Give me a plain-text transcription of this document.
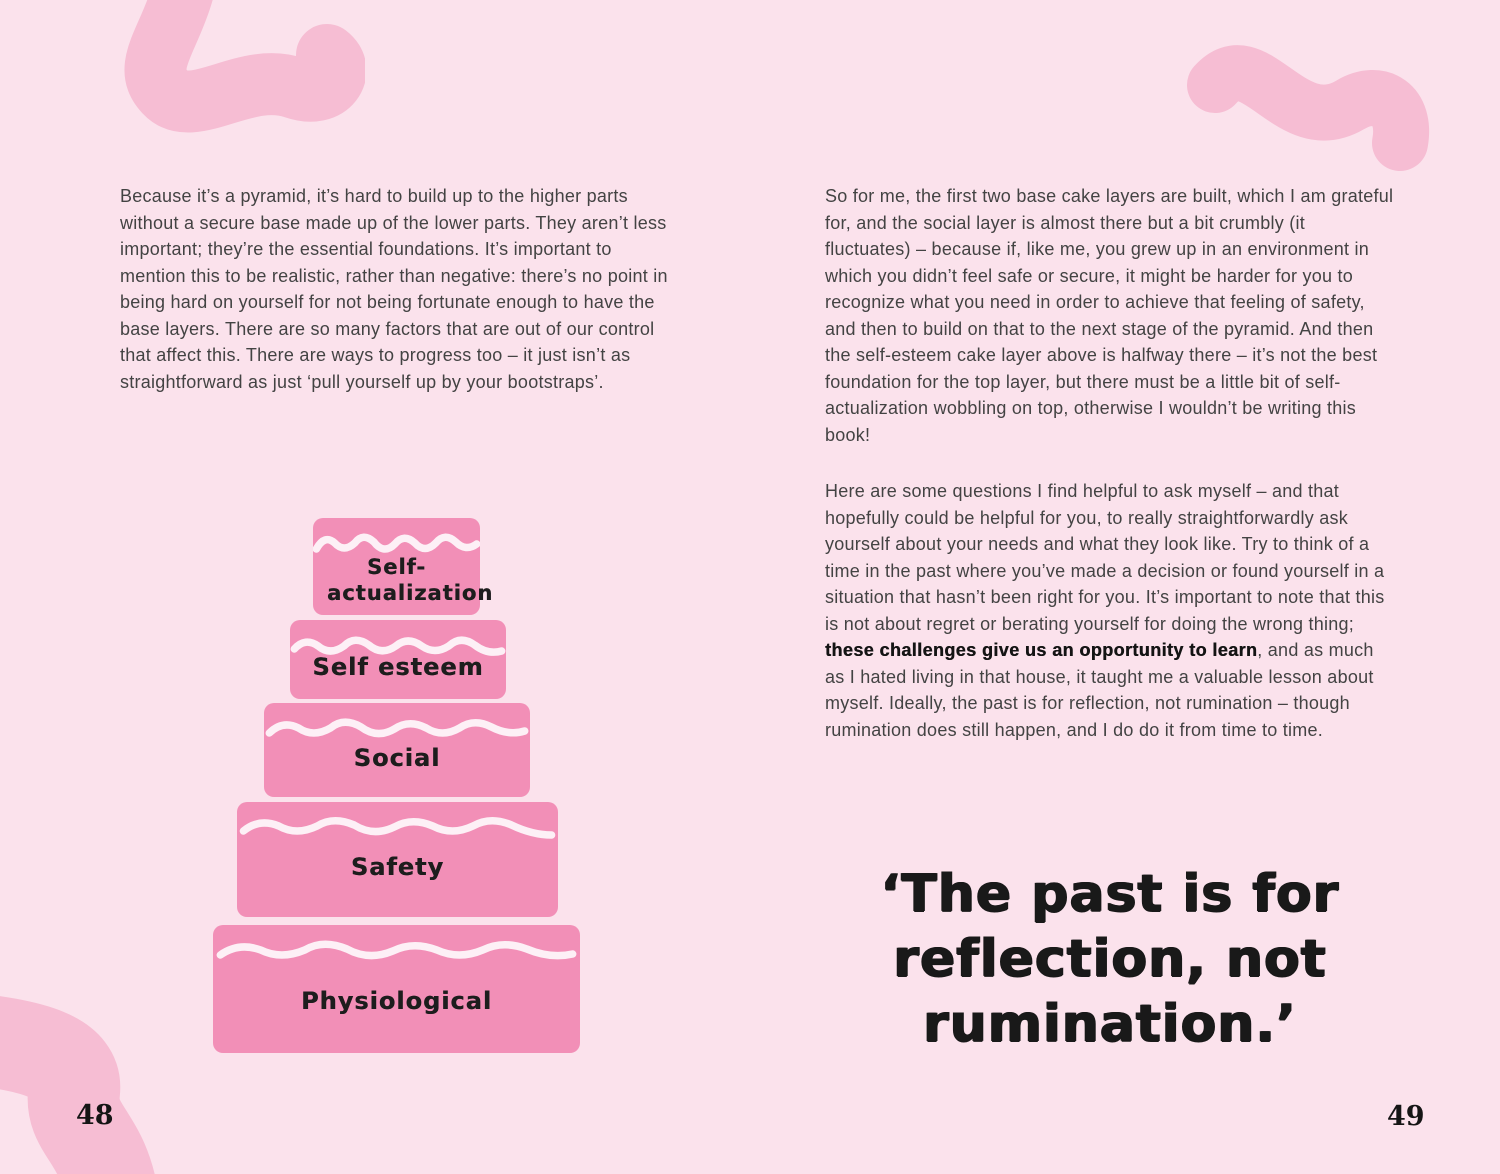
Because it’s a pyramid, it’s hard to build up to the higher parts without a secure base made up of the lower parts. They aren’t less important; they’re the essential foundations. It’s important to mention this to be realistic, rather than negative: there’s no point in being hard on yourself for not being fortunate enough to have the base layers. There are so many factors that are out of our control that affect this. There are ways to progress too – it just isn’t as straightforward as just ‘pull yourself up by your bootstraps’.
Self-actualization
Self esteem
Social
Safety
Physiological
So for me, the first two base cake layers are built, which I am grateful for, and the social layer is almost there but a bit crumbly (it fluctuates) – because if, like me, you grew up in an environment in which you didn’t feel safe or secure, it might be harder for you to recognize what you need in order to achieve that feeling of safety, and then to build on that to the next stage of the pyramid. And then the self-esteem cake layer above is halfway there – it’s not the best foundation for the top layer, but there must be a little bit of self-actualization wobbling on top, otherwise I wouldn’t be writing this book!
Here are some questions I find helpful to ask myself – and that hopefully could be helpful for you, to really straightforwardly ask yourself about your needs and what they look like. Try to think of a time in the past where you’ve made a decision or found yourself in a situation that hasn’t been right for you. It’s important to note that this is not about regret or berating yourself for doing the wrong thing; these challenges give us an opportunity to learn, and as much as I hated living in that house, it taught me a valuable lesson about myself. Ideally, the past is for reflection, not rumination – though rumination does still happen, and I do do it from time to time.
‘The past is for
reflection, not
rumination.’
48	49
